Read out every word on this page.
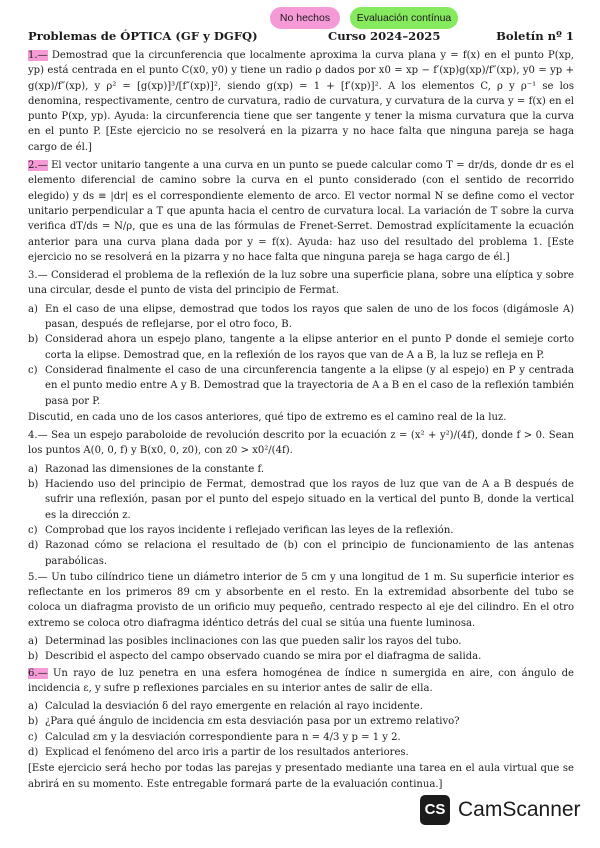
No hechos	Evaluación contínua
Problemas de ÓPTICA (GF y DGFQ)	Curso 2024–2025	Boletín nº 1

1.— Demostrad que la circunferencia que localmente aproxima la curva plana y = f(x) en el punto P(xp, yp) está centrada en el punto C(x0, y0) y tiene un radio ρ dados por x0 = xp − f′(xp)g(xp)/f″(xp), y0 = yp + g(xp)/f″(xp), y ρ² = [g(xp)]³/[f″(xp)]², siendo g(xp) = 1 + [f′(xp)]². A los elementos C, ρ y ρ⁻¹ se los denomina, respectivamente, centro de curvatura, radio de curvatura, y curvatura de la curva y = f(x) en el punto P(xp, yp). Ayuda: la circunferencia tiene que ser tangente y tener la misma curvatura que la curva en el punto P. [Este ejercicio no se resolverá en la pizarra y no hace falta que ninguna pareja se haga cargo de él.]

2.— El vector unitario tangente a una curva en un punto se puede calcular como T = dr/ds, donde dr es el elemento diferencial de camino sobre la curva en el punto considerado (con el sentido de recorrido elegido) y ds ≡ |dr| es el correspondiente elemento de arco. El vector normal N se define como el vector unitario perpendicular a T que apunta hacia el centro de curvatura local. La variación de T sobre la curva verifica dT/ds = N/ρ, que es una de las fórmulas de Frenet-Serret. Demostrad explícitamente la ecuación anterior para una curva plana dada por y = f(x). Ayuda: haz uso del resultado del problema 1. [Este ejercicio no se resolverá en la pizarra y no hace falta que ninguna pareja se haga cargo de él.]

3.— Considerad el problema de la reflexión de la luz sobre una superficie plana, sobre una elíptica y sobre una circular, desde el punto de vista del principio de Fermat.

a) En el caso de una elipse, demostrad que todos los rayos que salen de uno de los focos (digámosle A) pasan, después de reflejarse, por el otro foco, B.
b) Considerad ahora un espejo plano, tangente a la elipse anterior en el punto P donde el semieje corto corta la elipse. Demostrad que, en la reflexión de los rayos que van de A a B, la luz se refleja en P.
c) Considerad finalmente el caso de una circunferencia tangente a la elipse (y al espejo) en P y centrada en el punto medio entre A y B. Demostrad que la trayectoria de A a B en el caso de la reflexión también pasa por P.

Discutid, en cada uno de los casos anteriores, qué tipo de extremo es el camino real de la luz.

4.— Sea un espejo paraboloide de revolución descrito por la ecuación z = (x² + y²)/(4f), donde f > 0. Sean los puntos A(0, 0, f) y B(x0, 0, z0), con z0 > x0²/(4f).

a) Razonad las dimensiones de la constante f.
b) Haciendo uso del principio de Fermat, demostrad que los rayos de luz que van de A a B después de sufrir una reflexión, pasan por el punto del espejo situado en la vertical del punto B, donde la vertical es la dirección z.
c) Comprobad que los rayos incidente i reflejado verifican las leyes de la reflexión.
d) Razonad cómo se relaciona el resultado de (b) con el principio de funcionamiento de las antenas parabólicas.

5.— Un tubo cilíndrico tiene un diámetro interior de 5 cm y una longitud de 1 m. Su superficie interior es reflectante en los primeros 89 cm y absorbente en el resto. En la extremidad absorbente del tubo se coloca un diafragma provisto de un orificio muy pequeño, centrado respecto al eje del cilindro. En el otro extremo se coloca otro diafragma idéntico detrás del cual se sitúa una fuente luminosa.

a) Determinad las posibles inclinaciones con las que pueden salir los rayos del tubo.
b) Describid el aspecto del campo observado cuando se mira por el diafragma de salida.

6.— Un rayo de luz penetra en una esfera homogénea de índice n sumergida en aire, con ángulo de incidencia ε, y sufre p reflexiones parciales en su interior antes de salir de ella.

a) Calculad la desviación δ del rayo emergente en relación al rayo incidente.
b) ¿Para qué ángulo de incidencia εm esta desviación pasa por un extremo relativo?
c) Calculad εm y la desviación correspondiente para n = 4/3 y p = 1 y 2.
d) Explicad el fenómeno del arco iris a partir de los resultados anteriores.

[Este ejercicio será hecho por todas las parejas y presentado mediante una tarea en el aula virtual que se abrirá en su momento. Este entregable formará parte de la evaluación continua.]

CS CamScanner
